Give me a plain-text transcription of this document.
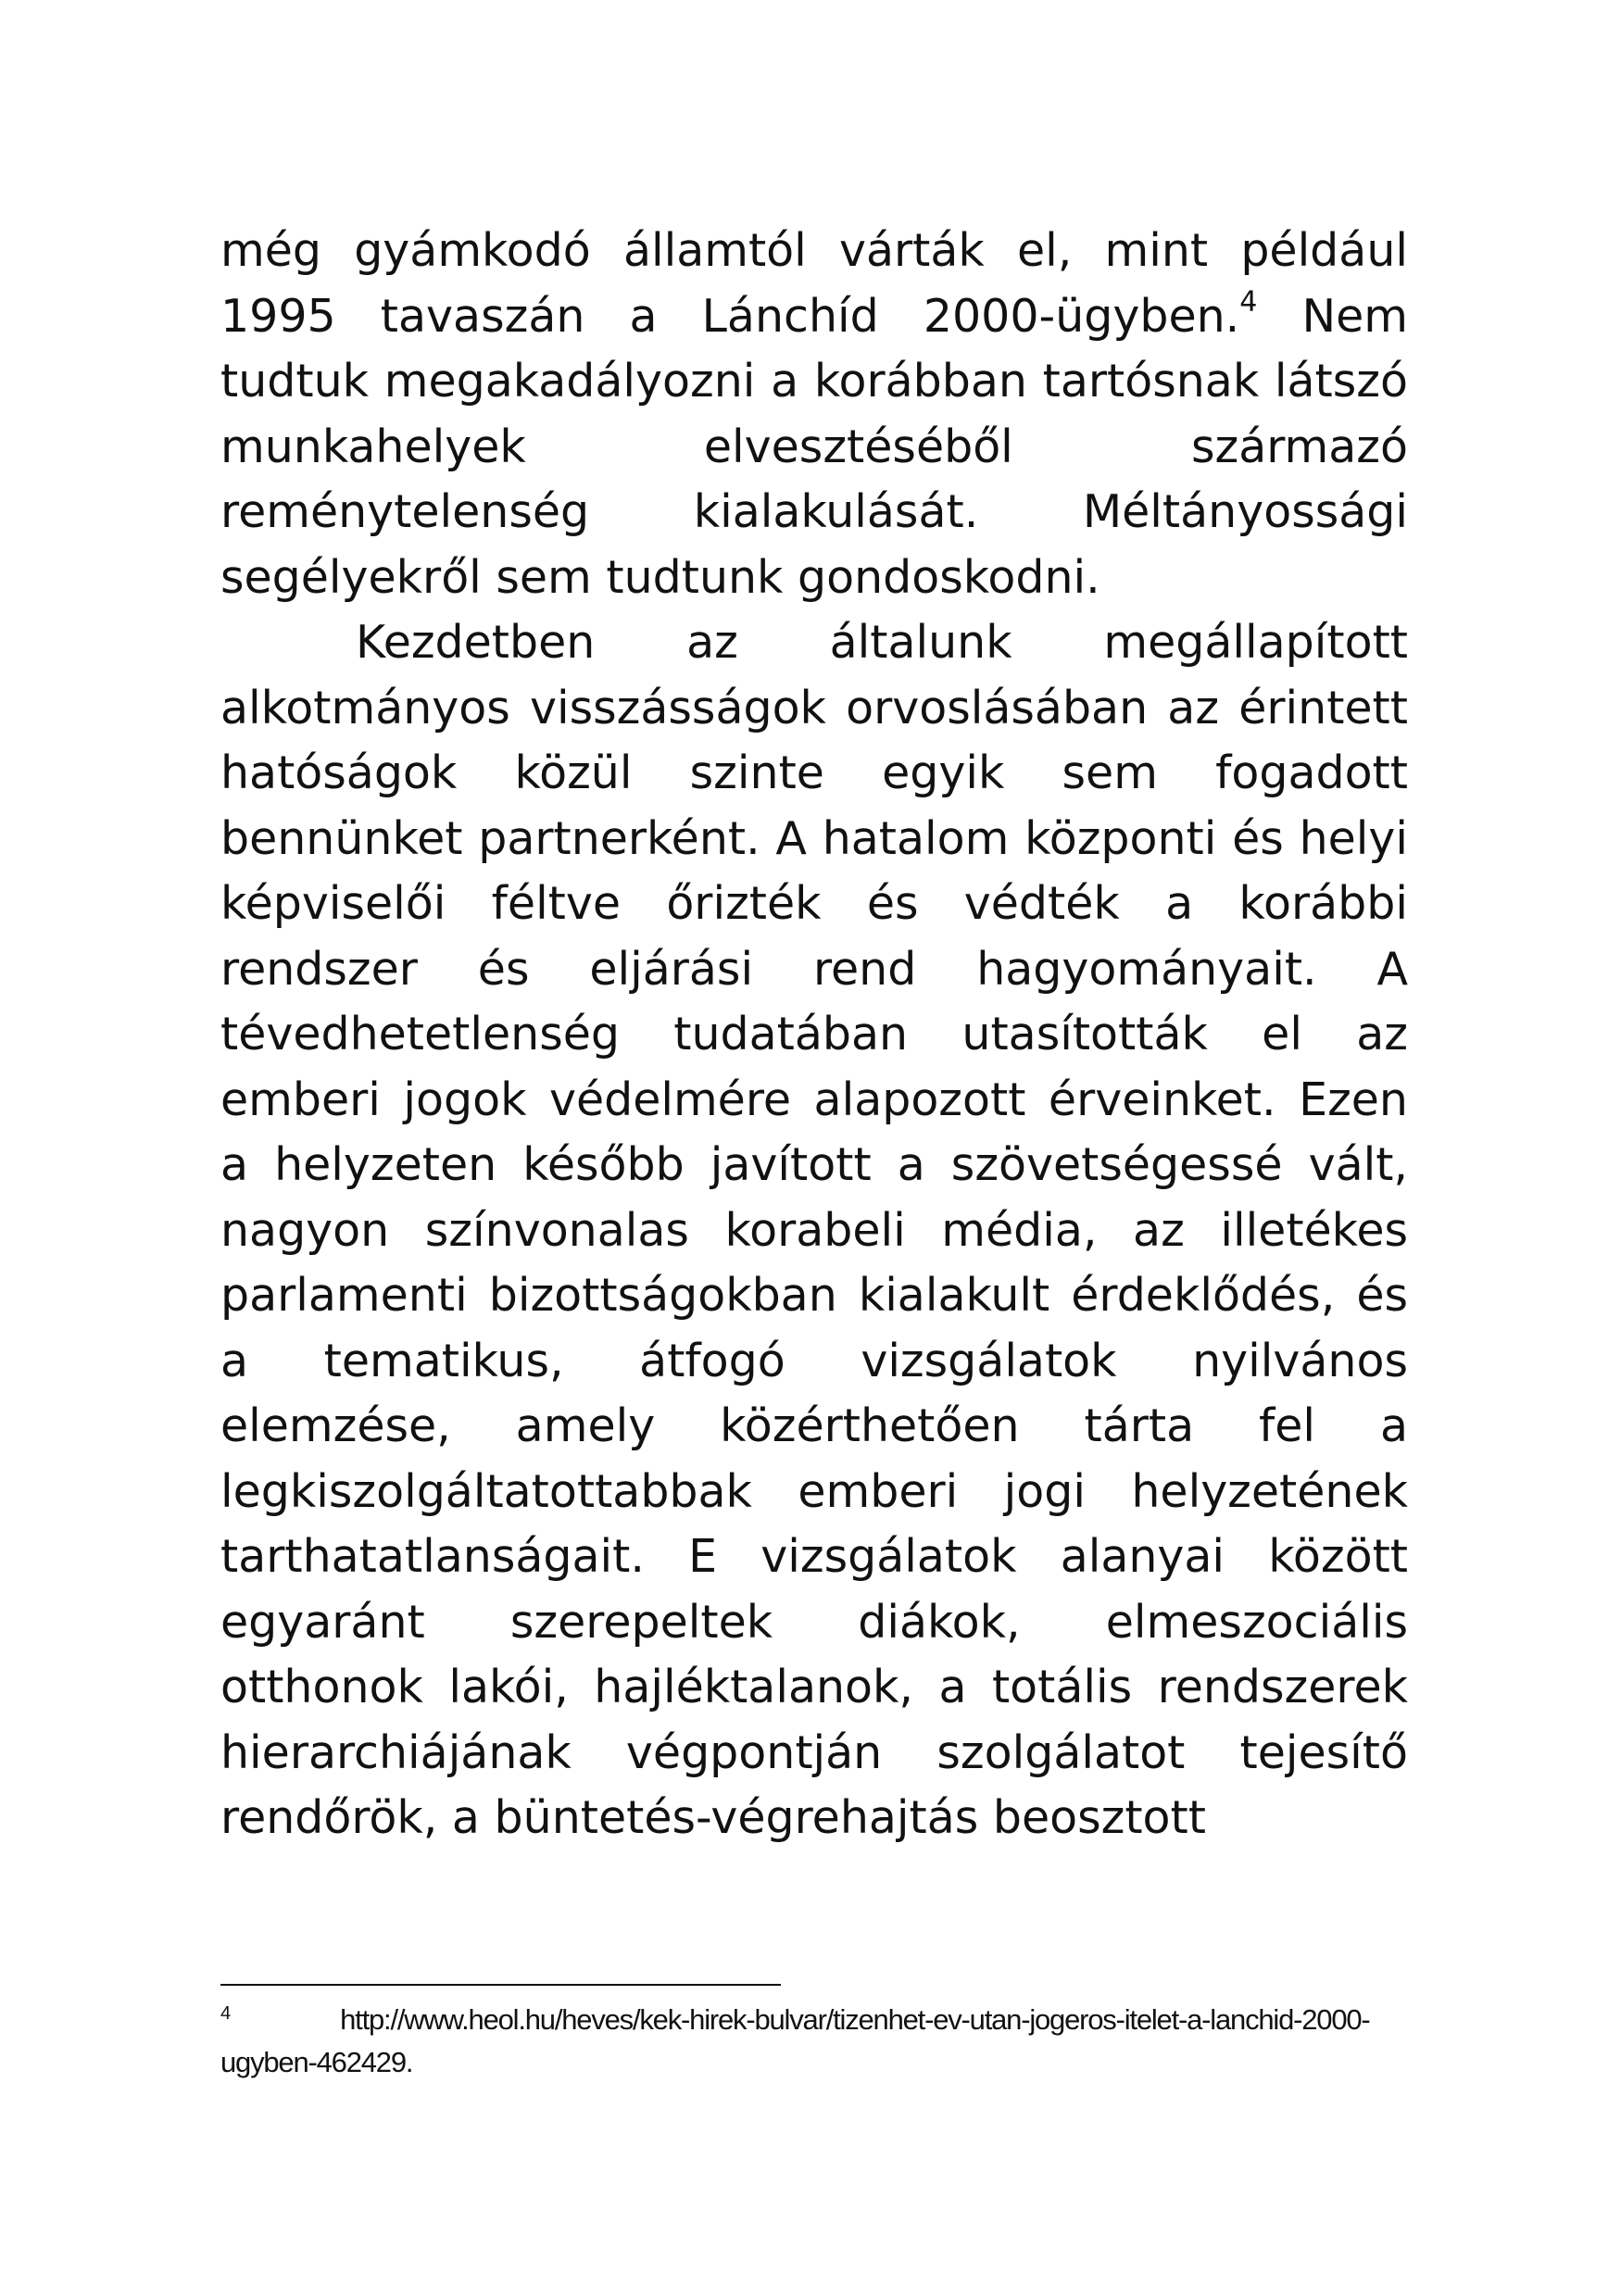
még gyámkodó államtól várták el, mint például 1995 tavaszán a Lánchíd 2000-ügyben.$^4$ Nem tudtuk megakadályozni a korábban tartósnak látszó munkahelyek elvesztéséből származó reménytelenség kialakulását. Méltányossági segélyekről sem tudtunk gondoskodni.

Kezdetben az általunk megállapított alkotmányos visszásságok orvoslásában az érintett hatóságok közül szinte egyik sem fogadott bennünket partnerként. A hatalom központi és helyi képviselői féltve őrizték és védték a korábbi rendszer és eljárási rend hagyományait. A tévedhetetlenség tudatában utasították el az emberi jogok védelmére alapozott érveinket. Ezen a helyzeten később javított a szövetségessé vált, nagyon színvonalas korabeli média, az illetékes parlamenti bizottságokban kialakult érdeklődés, és a tematikus, átfogó vizsgálatok nyilvános elemzése, amely közérthetően tárta fel a legkiszolgáltatottabbak emberi jogi helyzetének tarthatatlanságait. E vizsgálatok alanyai között egyaránt szerepeltek diákok, elmeszociális otthonok lakói, hajléktalanok, a totális rendszerek hierarchiájának végpontján szolgálatot tejesítő rendőrök, a büntetés-végrehajtás beosztott

$^4$	http://www.heol.hu/heves/kek-hirek-bulvar/tizenhet-ev-utan-jogeros-itelet-a-lanchid-2000-ugyben-462429.
